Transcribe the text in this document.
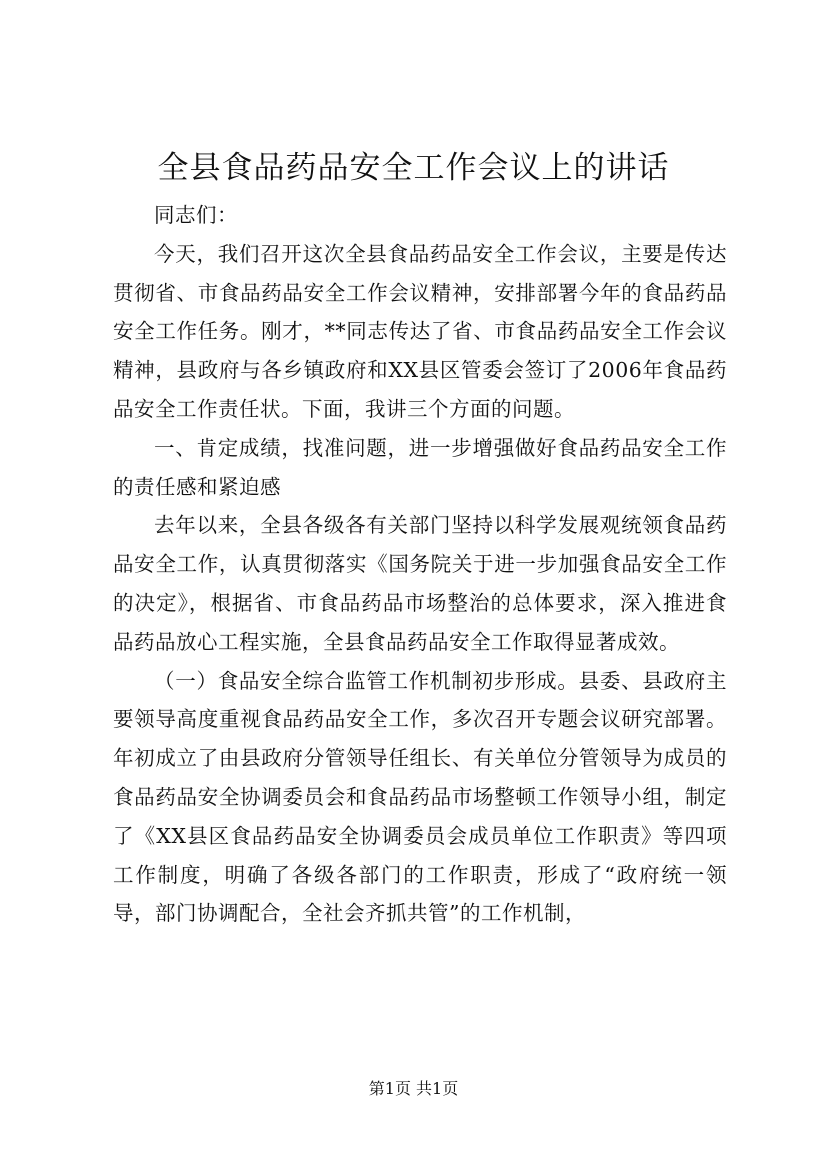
全县食品药品安全工作会议上的讲话

同志们：

今天，我们召开这次全县食品药品安全工作会议，主要是传达贯彻省、市食品药品安全工作会议精神，安排部署今年的食品药品安全工作任务。刚才，**同志传达了省、市食品药品安全工作会议精神，县政府与各乡镇政府和XX县区管委会签订了2006年食品药品安全工作责任状。下面，我讲三个方面的问题。

一、肯定成绩，找准问题，进一步增强做好食品药品安全工作的责任感和紧迫感

去年以来，全县各级各有关部门坚持以科学发展观统领食品药品安全工作，认真贯彻落实《国务院关于进一步加强食品安全工作的决定》，根据省、市食品药品市场整治的总体要求，深入推进食品药品放心工程实施，全县食品药品安全工作取得显著成效。

（一）食品安全综合监管工作机制初步形成。县委、县政府主要领导高度重视食品药品安全工作，多次召开专题会议研究部署。年初成立了由县政府分管领导任组长、有关单位分管领导为成员的食品药品安全协调委员会和食品药品市场整顿工作领导小组，制定了《XX县区食品药品安全协调委员会成员单位工作职责》等四项工作制度，明确了各级各部门的工作职责，形成了“政府统一领导，部门协调配合，全社会齐抓共管”的工作机制，

第1页 共1页
